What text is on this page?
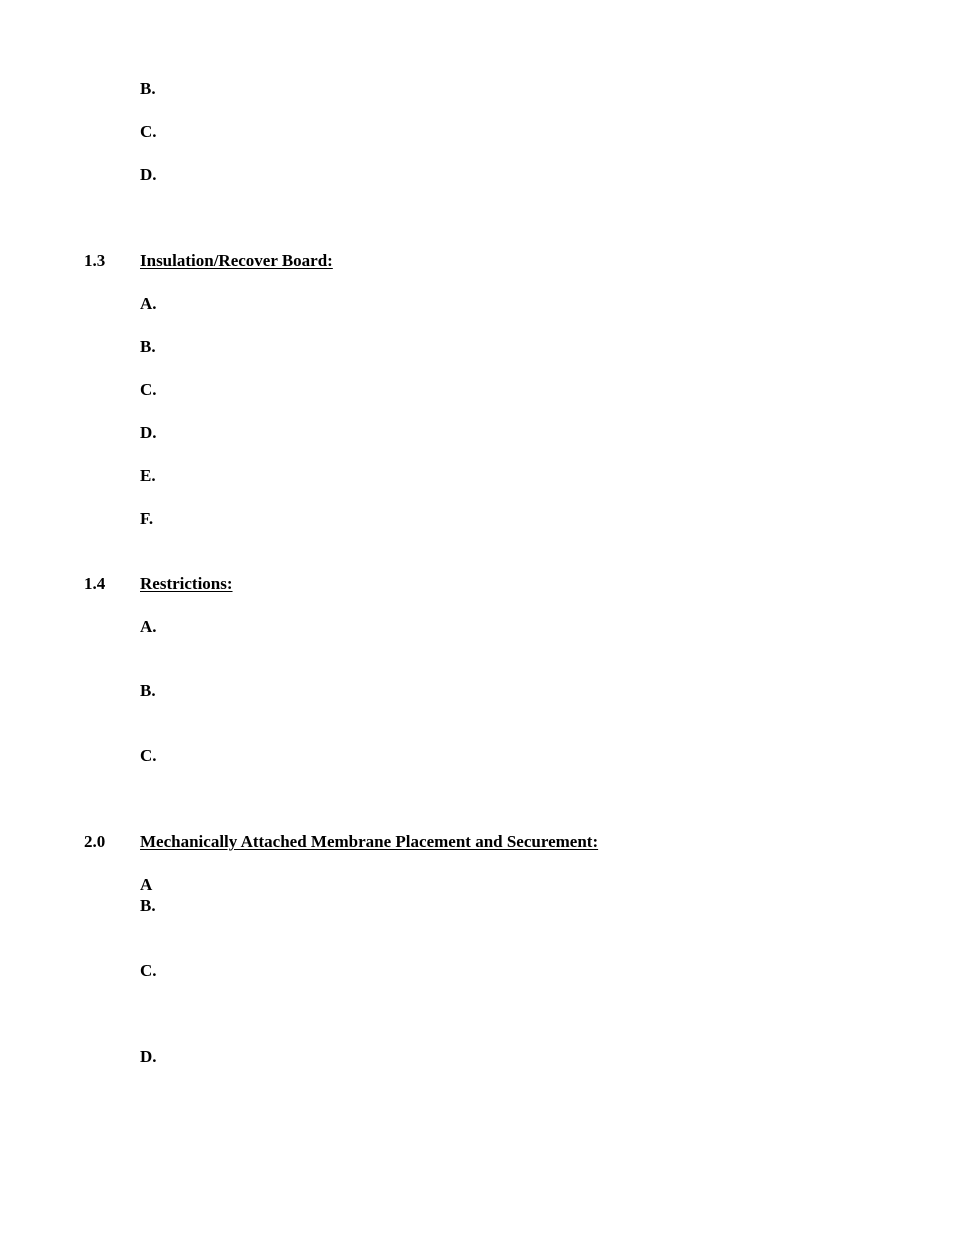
B.
C.
D.
1.3 Insulation/Recover Board:
A.
B.
C.
D.
E.
F.
1.4 Restrictions:
A.
B.
C.
2.0 Mechanically Attached Membrane Placement and Securement:
A
B.
C.
D.
